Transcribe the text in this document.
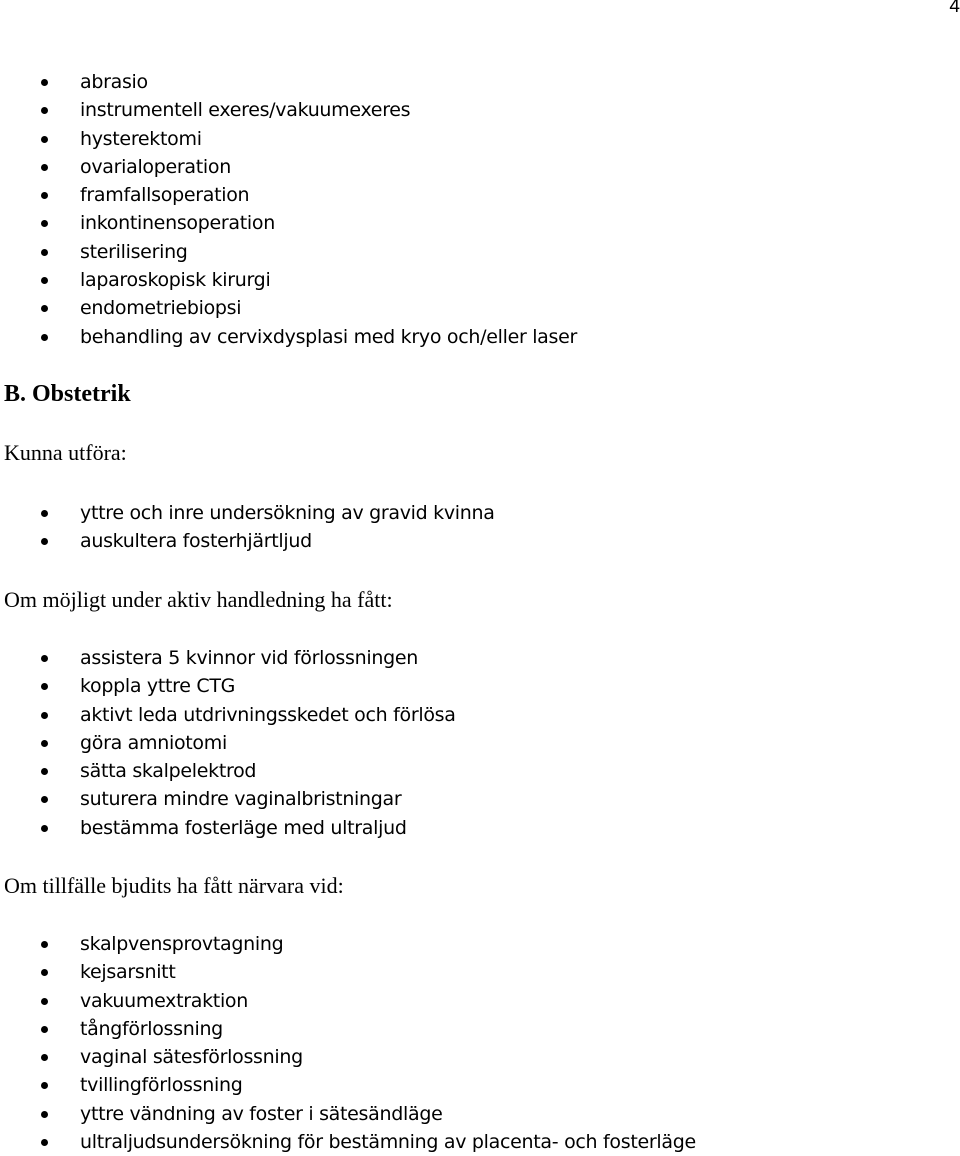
4
abrasio
instrumentell exeres/vakuumexeres
hysterektomi
ovarialoperation
framfallsoperation
inkontinensoperation
sterilisering
laparoskopisk kirurgi
endometriebiopsi
behandling av cervixdysplasi med kryo och/eller laser
B. Obstetrik
Kunna utföra:
yttre och inre undersökning av gravid kvinna
auskultera fosterhjärtljud
Om möjligt under aktiv handledning ha fått:
assistera 5 kvinnor vid förlossningen
koppla yttre CTG
aktivt leda utdrivningsskedet och förlösa
göra amniotomi
sätta skalpelektrod
suturera mindre vaginalbristningar
bestämma fosterläge med ultraljud
Om tillfälle bjudits ha fått närvara vid:
skalpvensprovtagning
kejsarsnitt
vakuumextraktion
tångförlossning
vaginal sätesförlossning
tvillingförlossning
yttre vändning av foster i sätesändläge
ultraljudsundersökning för bestämning av placenta- och fosterläge
